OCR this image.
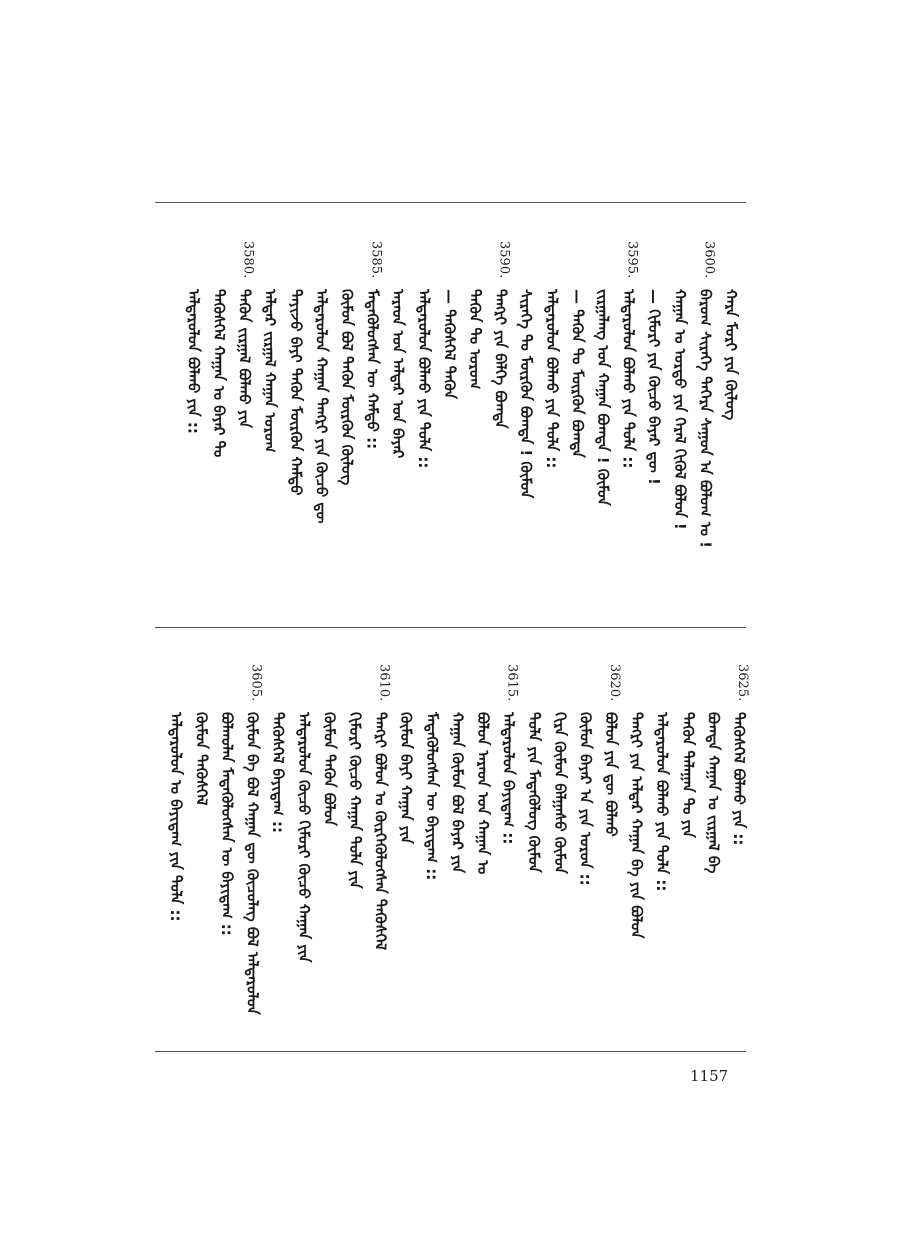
ᠬᠠᠷᠠ ᠮᠣᠷᠢ ᠶᠢᠨ ᠬᠦᠯᠦᠭ
3600.
ᠪᠠᠷᠤᠭ ᠰᠢᠷᠡᠭᠡ ᠳᠡᠭᠡᠷᠡ ᠰᠠᠭᠤᠨ ᠠ ᠪᠣᠯᠤᠭ ᠤ !
ᠬᠠᠭᠠᠨ ᠤ ᠣᠷᠳᠤ ᠶᠢᠨ ᠭᠡᠷᠡᠯ ᠭᠢᠭᠦᠯ ᠪᠣᠯᠤᠨ !
— ᠬᠢᠮᠤᠷᠢ ᠶᠢᠨ ᠬᠦᠴᠦ ᠪᠠᠶᠠᠷ ᠳᠦ !
3595.
ᠠᠯᠳᠠᠷᠤᠯᠤᠨ ᠪᠣᠯᠬᠤ ᠶᠢᠨ ᠲᠤᠯᠠ ::
ᠵᠢᠷᠭᠠᠯᠠᠩ ᠤᠨ ᠬᠠᠭᠠᠨ ᠪᠣᠭᠳᠠ ! ᠬᠦᠮᠦᠨ
— ᠲᠡᠭᠦᠨ ᠲᠤ ᠮᠥᠷᠭᠦᠨ ᠪᠣᠭᠳᠠ
ᠠᠯᠳᠠᠷᠤᠯᠤᠨ ᠪᠣᠯᠬᠤ ᠶᠢᠨ ᠲᠤᠯᠠ ::
ᠰᠢᠷᠡᠭᠡ ᠲᠤ ᠮᠥᠷᠭᠦᠨ ᠪᠣᠭᠳᠠ ! ᠬᠦᠮᠦᠨ
3590.
ᠲᠡᠩᠷᠢ ᠶᠢᠨ ᠪᠡᠯᠭᠡ ᠪᠣᠭᠳᠠ
ᠲᠡᠭᠦᠨ ᠲᠤ ᠤᠷᠤᠭ
— ᠲᠡᠭᠦᠰᠬᠡᠯ ᠲᠡᠭᠦᠨ
ᠠᠯᠳᠠᠷᠤᠯᠤᠨ ᠪᠣᠯᠬᠤ ᠶᠢᠨ ᠲᠤᠯᠠ ::
ᠠᠷᠠᠳ ᠤᠨ ᠠᠯᠳᠠᠷ ᠤᠨ ᠪᠠᠶᠠᠷ
3585.
ᠮᠡᠳᠡᠭᠦᠯᠦᠭᠰᠡᠨ ᠦ ᠬᠠᠮᠲᠤ ::
ᠬᠦᠮᠦᠨ ᠪᠣᠯ ᠲᠡᠭᠦᠨ ᠮᠥᠷᠭᠦᠨ ᠬᠦᠯᠦᠭ
ᠠᠯᠳᠠᠷᠤᠯᠤᠨ ᠬᠠᠭᠠᠨ ᠲᠡᠩᠷᠢ ᠶᠢᠨ ᠬᠦᠴᠦ ᠳᠦ
ᠲᠠᠶᠢᠵᠤ ᠪᠠᠶᠢ ᠲᠡᠭᠦᠨ ᠮᠥᠷᠭᠦᠨ ᠬᠠᠮᠲᠤ
ᠠᠯᠳᠠᠷ ᠵᠢᠷᠭᠠᠯ ᠬᠠᠭᠠᠨ ᠤᠷᠤᠭ
3580.
ᠲᠡᠭᠦᠨ ᠵᠢᠷᠭᠠᠯ ᠪᠣᠯᠬᠤ ᠶᠢᠨ
ᠲᠡᠭᠦᠰᠬᠡᠯ ᠬᠠᠭᠠᠨ ᠤ ᠪᠠᠶᠠᠷ ᠲᠤ
ᠠᠯᠳᠠᠷᠤᠯᠤᠨ ᠪᠣᠯᠬᠤ ᠶᠢᠨ ::
3625.
ᠲᠡᠭᠦᠰᠬᠡᠯ ᠪᠣᠯᠬᠤ ᠶᠢᠨ ::
ᠪᠣᠭᠳᠠ ᠬᠠᠭᠠᠨ ᠤ ᠵᠢᠷᠭᠠᠯ ᠪᠠ
ᠲᠡᠭᠦᠨ ᠲᠠᠯᠠᠭᠠᠨ ᠲᠤ ᠶᠢᠨ
ᠠᠯᠳᠠᠷᠤᠯᠤᠨ ᠪᠣᠯᠬᠤ ᠶᠢᠨ ᠲᠤᠯᠠ ::
ᠲᠡᠩᠷᠢ ᠶᠢᠨ ᠠᠯᠳᠠᠷ ᠬᠠᠭᠠᠨ ᠪᠠ ᠶᠢᠨ ᠪᠣᠯᠤᠨ
3620.
ᠪᠣᠯᠤᠨ ᠶᠢᠨ ᠳᠦ ᠪᠣᠯᠬᠤ
ᠬᠦᠮᠦᠨ ᠪᠠᠶᠠᠷ ᠠ ᠶᠢᠨ ᠣᠷᠤᠨ ::
ᠬᠢᠷᠠ ᠬᠦᠮᠦᠨ ᠪᠠᠯᠭᠠᠰᠤ ᠬᠦᠮᠦᠨ
ᠲᠤᠯᠠ ᠶᠢᠨ ᠮᠡᠳᠡᠭᠦᠯᠦᠭ ᠬᠦᠮᠦᠨ
3615.
ᠠᠯᠳᠠᠷᠤᠯᠤᠨ ᠪᠠᠶᠢᠳᠠᠭ ::
ᠪᠣᠯᠤᠨ ᠠᠷᠠᠳ ᠤᠨ ᠬᠠᠭᠠᠨ ᠤ
ᠬᠠᠭᠠᠨ ᠬᠦᠮᠦᠨ ᠪᠣᠯ ᠪᠠᠶᠠᠷ ᠶᠢᠨ
ᠮᠡᠳᠡᠭᠦᠯᠦᠭᠰᠡᠨ ᠦ ᠪᠠᠶᠢᠳᠠᠭ ::
ᠬᠦᠮᠦᠨ ᠪᠠᠶᠢ ᠬᠠᠭᠠᠨ ᠶᠢᠨ
3610.
ᠲᠡᠩᠷᠢ ᠪᠣᠯᠤᠨ ᠤ ᠬᠦᠷᠭᠡᠭᠦᠯᠦᠭᠰᠡᠨ ᠲᠡᠭᠦᠰᠬᠡᠯ
ᠬᠢᠮᠤᠷᠢ ᠬᠦᠴᠦ ᠬᠠᠭᠠᠨ ᠲᠤᠯᠠ ᠶᠢᠨ
ᠬᠦᠮᠦᠨ ᠲᠡᠭᠦᠨ ᠪᠣᠯᠤᠨ
ᠠᠯᠳᠠᠷᠤᠯᠤᠨ ᠬᠦᠴᠦ ᠬᠢᠮᠤᠷᠢ ᠬᠦᠴᠦ ᠬᠠᠭᠠᠨ ᠶᠢᠨ
ᠲᠡᠭᠦᠰᠬᠡᠯ ᠪᠠᠶᠢᠳᠠᠭ ::
3605.
ᠬᠦᠮᠦᠨ ᠪᠠ ᠪᠣᠯ ᠬᠠᠭᠠᠨ ᠳᠦ ᠬᠦᠴᠦᠯᠡᠭ ᠪᠣᠯ ᠠᠯᠳᠠᠷᠤᠯᠤᠨ
ᠪᠣᠯᠬᠤᠯᠠᠨ ᠮᠡᠳᠡᠭᠦᠯᠦᠭᠰᠡᠨ ᠦ ᠪᠠᠶᠢᠳᠠᠭ ::
ᠬᠦᠮᠦᠨ ᠲᠡᠭᠦᠰᠬᠡᠯ
ᠠᠯᠳᠠᠷᠤᠯᠤᠨ ᠤ ᠪᠠᠶᠢᠳᠠᠭ ᠶᠢᠨ ᠲᠤᠯᠠ ::
1157
